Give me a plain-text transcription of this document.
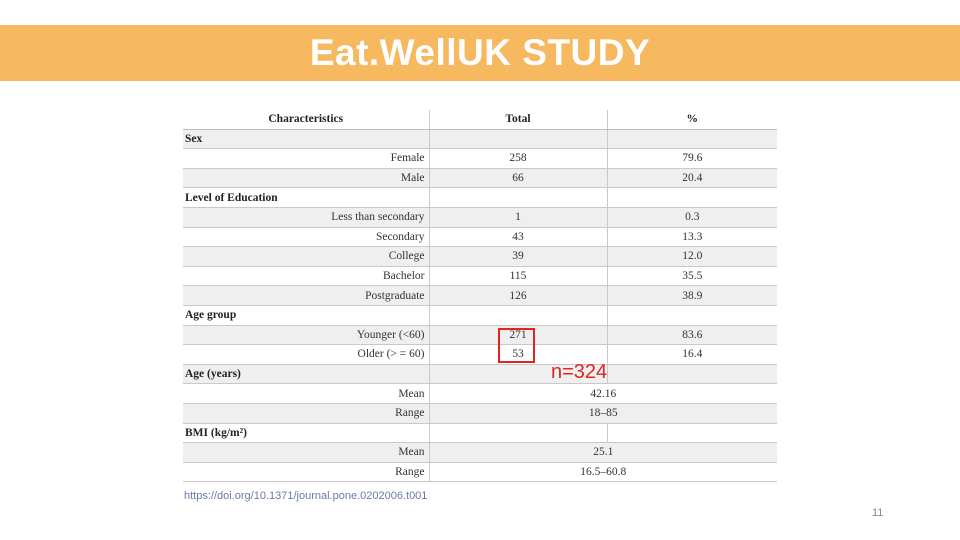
Eat.WellUK STUDY
Characteristics	Total	%
Sex		
Female	258	79.6
Male	66	20.4
Level of Education		
Less than secondary	1	0.3
Secondary	43	13.3
College	39	12.0
Bachelor	115	35.5
Postgraduate	126	38.9
Age group		
Younger (<60)	271	83.6
Older (> = 60)	53	16.4
Age (years)		
Mean	42.16	
Range	18–85	
BMI (kg/m²)		
Mean	25.1	
Range	16.5–60.8	
https://doi.org/10.1371/journal.pone.0202006.t001
n=324
11
